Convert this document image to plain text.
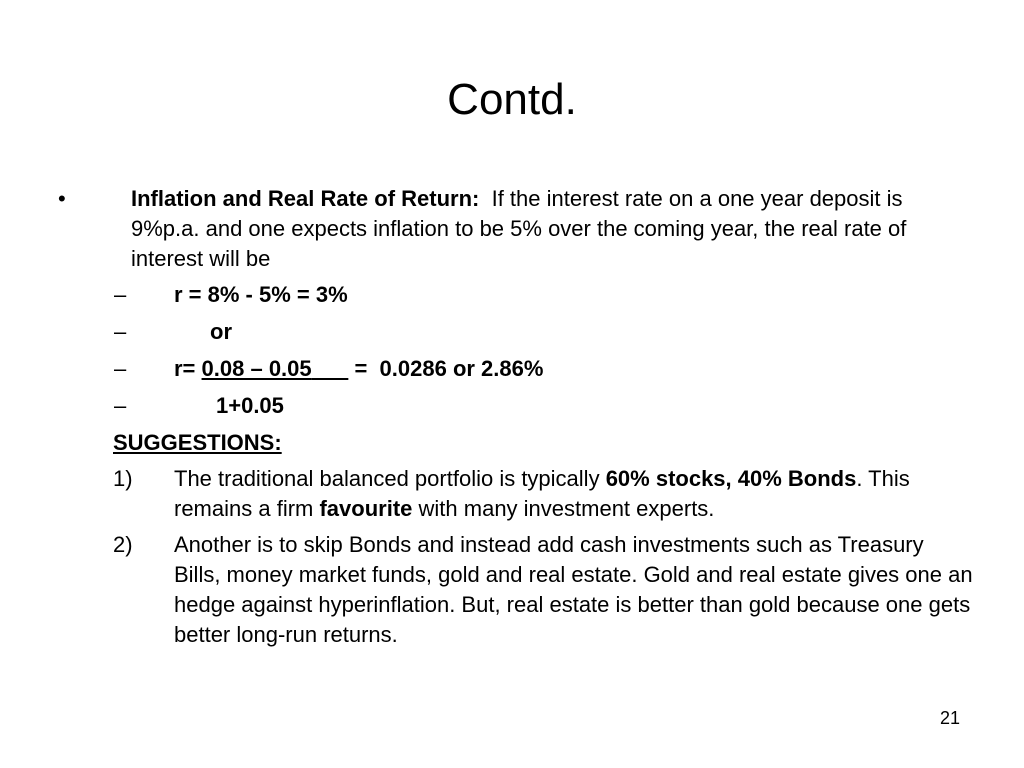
Contd.
•	Inflation and Real Rate of Return: If the interest rate on a one year deposit is 9%p.a. and one expects inflation to be 5% over the coming year, the real rate of interest will be
– r = 8% - 5% = 3%
–	or
– r= 0.08 – 0.05 =  0.0286 or 2.86%
–	1+0.05
SUGGESTIONS:
1) The traditional balanced portfolio is typically 60% stocks, 40% Bonds. This remains a firm favourite with many investment experts.
2) Another is to skip Bonds and instead add cash investments such as Treasury Bills, money market funds, gold and real estate. Gold and real estate gives one an hedge against hyperinflation. But, real estate is better than gold because one gets better long-run returns.
21
